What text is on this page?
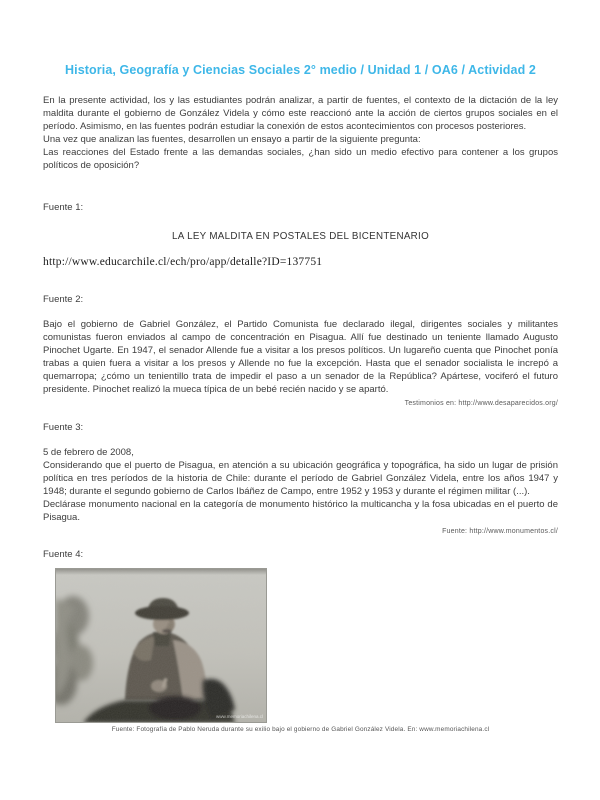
Historia, Geografía y Ciencias Sociales 2° medio / Unidad 1 / OA6 / Actividad 2
En la presente actividad, los y las estudiantes podrán analizar, a partir de fuentes, el contexto de la dictación de la ley maldita durante el gobierno de González Videla y cómo este reaccionó ante la acción de ciertos grupos sociales en el período. Asimismo, en las fuentes podrán estudiar la conexión de estos acontecimientos con procesos posteriores.
Una vez que analizan las fuentes, desarrollen un ensayo a partir de la siguiente pregunta:
Las reacciones del Estado frente a las demandas sociales, ¿han sido un medio efectivo para contener a los grupos políticos de oposición?
Fuente 1:
LA LEY MALDITA EN POSTALES DEL BICENTENARIO
http://www.educarchile.cl/ech/pro/app/detalle?ID=137751
Fuente 2:
Bajo el gobierno de Gabriel González, el Partido Comunista fue declarado ilegal, dirigentes sociales y militantes comunistas fueron enviados al campo de concentración en Pisagua. Allí fue destinado un teniente llamado Augusto Pinochet Ugarte. En 1947, el senador Allende fue a visitar a los presos políticos. Un lugareño cuenta que Pinochet ponía trabas a quien fuera a visitar a los presos y Allende no fue la excepción. Hasta que el senador socialista le increpó a quemarropa; ¿cómo un tenientillo trata de impedir el paso a un senador de la República? Apártese, vociferó el futuro presidente. Pinochet realizó la mueca típica de un bebé recién nacido y se apartó.
Testimonios en: http://www.desaparecidos.org/
Fuente 3:
5 de febrero de 2008,
Considerando que el puerto de Pisagua, en atención a su ubicación geográfica y topográfica, ha sido un lugar de prisión política en tres períodos de la historia de Chile: durante el período de Gabriel González Videla, entre los años 1947 y 1948; durante el segundo gobierno de Carlos Ibáñez de Campo, entre 1952 y 1953 y durante el régimen militar (...).
Declárase monumento nacional en la categoría de monumento histórico la multicancha y la fosa ubicadas en el puerto de Pisagua.
Fuente: http://www.monumentos.cl/
Fuente 4:
www.memoriachilena.cl
Fuente: Fotografía de Pablo Neruda durante su exilio bajo el gobierno de Gabriel González Videla. En: www.memoriachilena.cl
